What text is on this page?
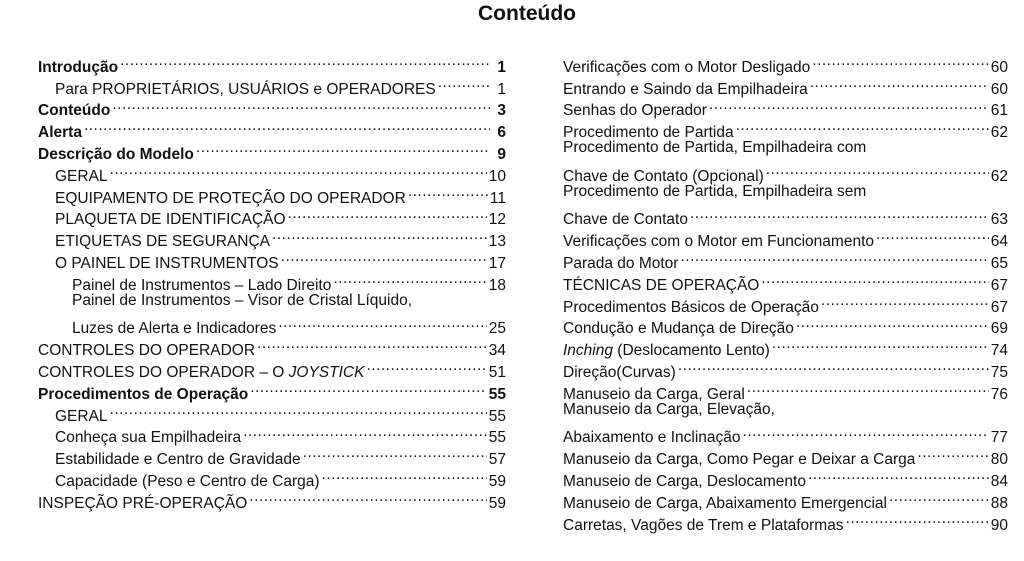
Conteúdo
Introdução .....	1
Para PROPRIETÁRIOS, USUÁRIOS e OPERADORES .....	1
Conteúdo .....	3
Alerta .....	6
Descrição do Modelo .....	9
GERAL .....	10
EQUIPAMENTO DE PROTEÇÃO DO OPERADOR .....	11
PLAQUETA DE IDENTIFICAÇÃO .....	12
ETIQUETAS DE SEGURANÇA .....	13
O PAINEL DE INSTRUMENTOS .....	17
Painel de Instrumentos – Lado Direito .....	18
Painel de Instrumentos – Visor de Cristal Líquido,
Luzes de Alerta e Indicadores .....	25
CONTROLES DO OPERADOR .....	34
CONTROLES DO OPERADOR – O JOYSTICK .....	51
Procedimentos de Operação .....	55
GERAL .....	55
Conheça sua Empilhadeira .....	55
Estabilidade e Centro de Gravidade .....	57
Capacidade (Peso e Centro de Carga) .....	59
INSPEÇÃO PRÉ-OPERAÇÃO .....	59
Verificações com o Motor Desligado .....	60
Entrando e Saindo da Empilhadeira .....	60
Senhas do Operador .....	61
Procedimento de Partida .....	62
Procedimento de Partida, Empilhadeira com
Chave de Contato (Opcional) .....	62
Procedimento de Partida, Empilhadeira sem
Chave de Contato .....	63
Verificações com o Motor em Funcionamento .....	64
Parada do Motor .....	65
TÉCNICAS DE OPERAÇÃO .....	67
Procedimentos Básicos de Operação .....	67
Condução e Mudança de Direção .....	69
Inching (Deslocamento Lento) .....	74
Direção(Curvas) .....	75
Manuseio da Carga, Geral .....	76
Manuseio da Carga, Elevação,
Abaixamento e Inclinação .....	77
Manuseio da Carga, Como Pegar e Deixar a Carga .....	80
Manuseio de Carga, Deslocamento .....	84
Manuseio de Carga, Abaixamento Emergencial .....	88
Carretas, Vagões de Trem e Plataformas .....	90
